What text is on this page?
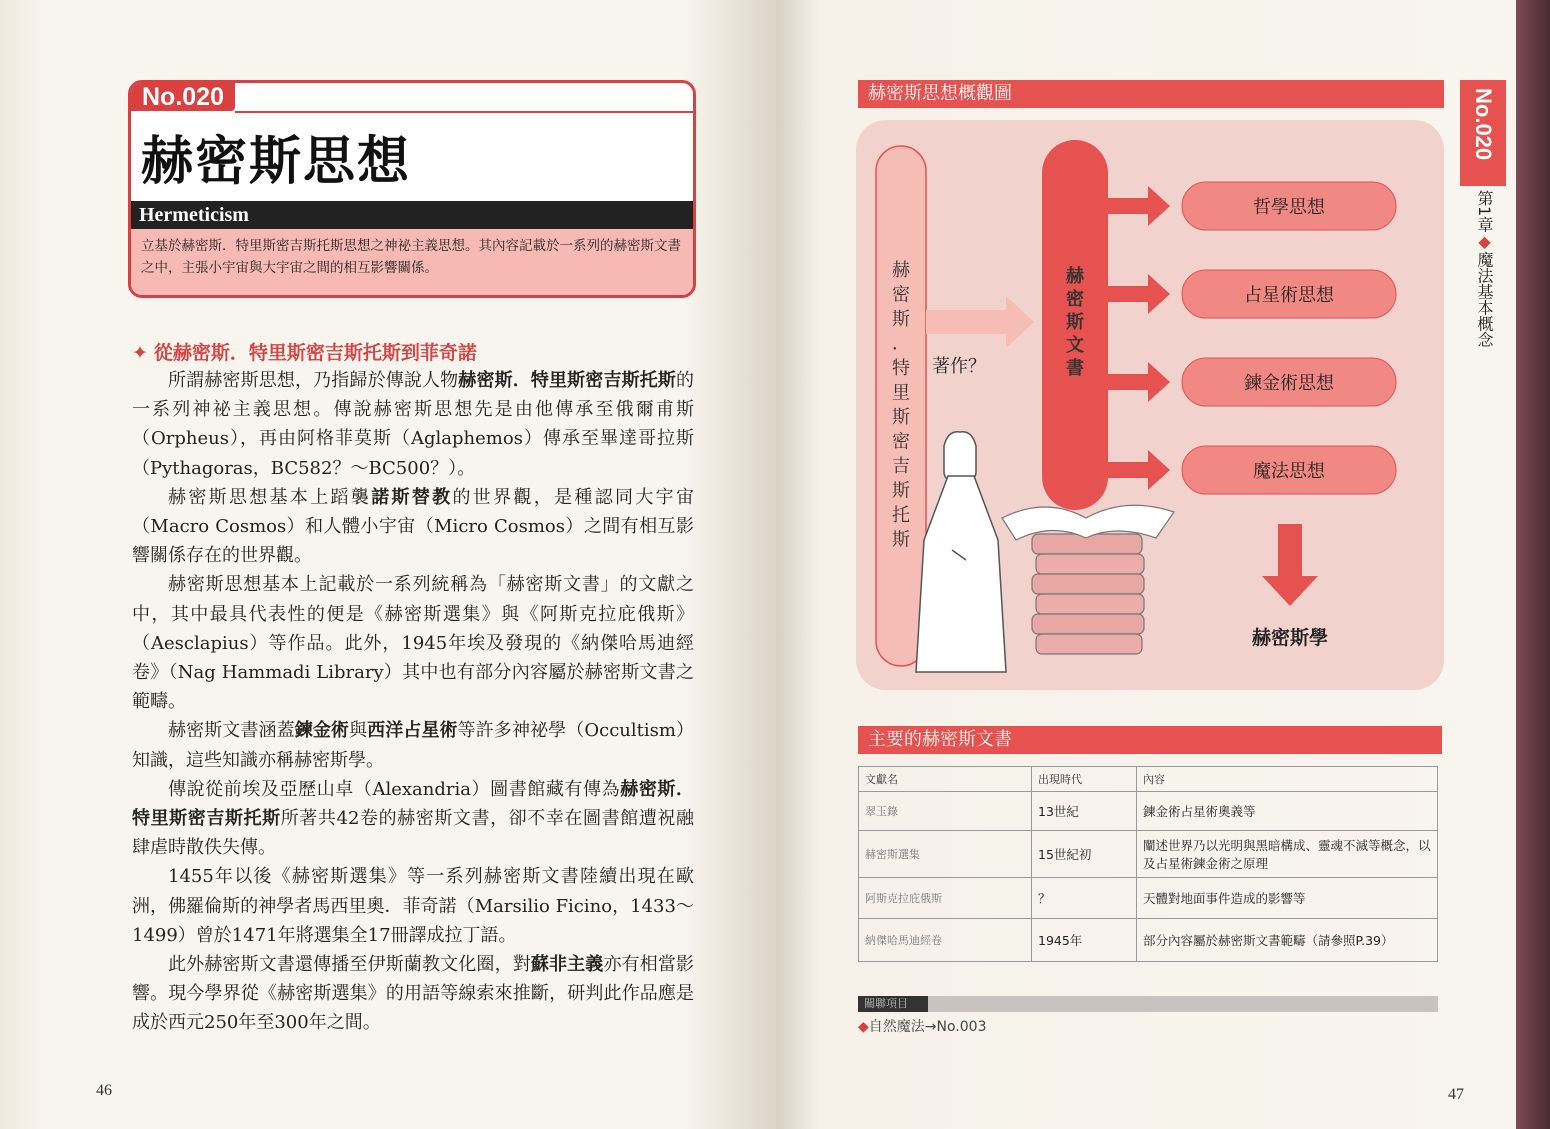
No.020
赫密斯思想
Hermeticism
立基於赫密斯．特里斯密吉斯托斯思想之神祕主義思想。其內容記載於一系列的赫密斯文書之中，主張小宇宙與大宇宙之間的相互影響關係。
✦ 從赫密斯．特里斯密吉斯托斯到菲奇諾

所謂赫密斯思想，乃指歸於傳說人物赫密斯．特里斯密吉斯托斯的一系列神祕主義思想。傳說赫密斯思想先是由他傳承至俄爾甫斯（Orpheus），再由阿格菲莫斯（Aglaphemos）傳承至畢達哥拉斯（Pythagoras，BC582？～BC500？）。

赫密斯思想基本上蹈襲諾斯替教的世界觀，是種認同大宇宙（Macro Cosmos）和人體小宇宙（Micro Cosmos）之間有相互影響關係存在的世界觀。

赫密斯思想基本上記載於一系列統稱為「赫密斯文書」的文獻之中，其中最具代表性的便是《赫密斯選集》與《阿斯克拉庇俄斯》（Aesclapius）等作品。此外，1945年埃及發現的《納傑哈馬迪經卷》（Nag Hammadi Library）其中也有部分內容屬於赫密斯文書之範疇。

赫密斯文書涵蓋鍊金術與西洋占星術等許多神祕學（Occultism）知識，這些知識亦稱赫密斯學。

傳說從前埃及亞歷山卓（Alexandria）圖書館藏有傳為赫密斯．特里斯密吉斯托斯所著共42卷的赫密斯文書，卻不幸在圖書館遭祝融肆虐時散佚失傳。

1455年以後《赫密斯選集》等一系列赫密斯文書陸續出現在歐洲，佛羅倫斯的神學者馬西里奧．菲奇諾（Marsilio Ficino，1433～1499）曾於1471年將選集全17冊譯成拉丁語。

此外赫密斯文書還傳播至伊斯蘭教文化圈，對蘇非主義亦有相當影響。現今學界從《赫密斯選集》的用語等線索來推斷，研判此作品應是成於西元250年至300年之間。

46
赫密斯思想概觀圖
赫密斯．特里斯密吉斯托斯
著作？
赫密斯文書
哲學思想
占星術思想
鍊金術思想
魔法思想
赫密斯學
No.020
第1章◆魔法基本概念
主要的赫密斯文書
文獻名	出現時代	內容
翠玉錄	13世紀	鍊金術占星術奧義等
赫密斯選集	15世紀初	闡述世界乃以光明與黑暗構成、靈魂不滅等概念，以及占星術鍊金術之原理
阿斯克拉庇俄斯	？	天體對地面事件造成的影響等
納傑哈馬迪經卷	1945年	部分內容屬於赫密斯文書範疇（請參照P.39）
關聯項目
◆自然魔法→No.003
47
